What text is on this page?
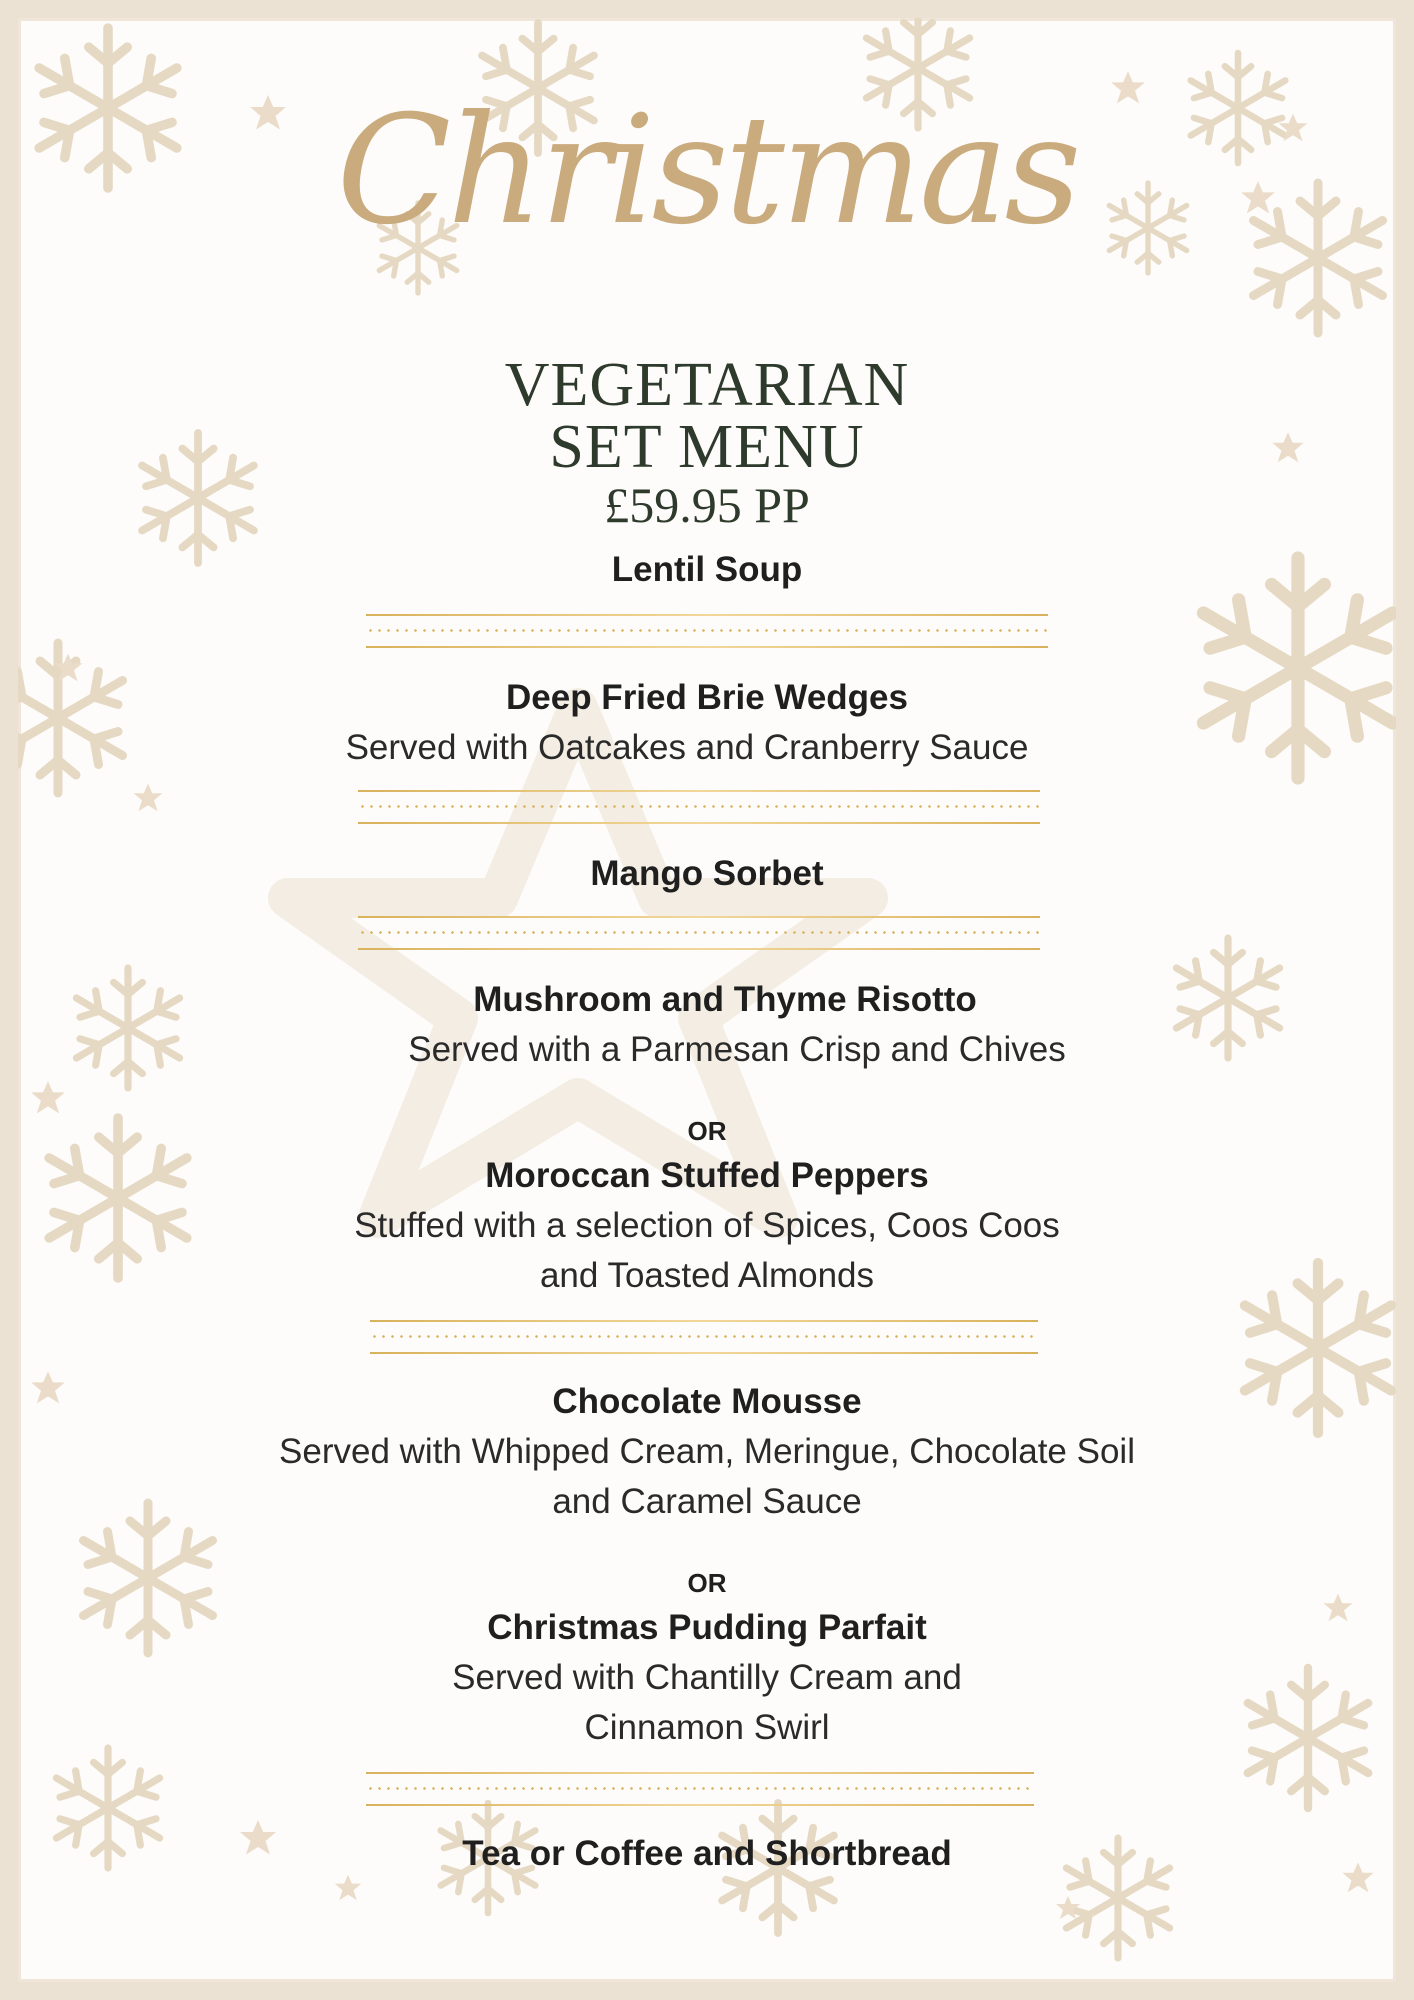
Christmas
VEGETARIAN
SET MENU
£59.95 PP
Lentil Soup
Deep Fried Brie Wedges
Served with Oatcakes and Cranberry Sauce
Mango Sorbet
Mushroom and Thyme Risotto
Served with a Parmesan Crisp and Chives
OR
Moroccan Stuffed Peppers
Stuffed with a selection of Spices, Coos Coos
and Toasted Almonds
Chocolate Mousse
Served with Whipped Cream, Meringue, Chocolate Soil
and Caramel Sauce
OR
Christmas Pudding Parfait
Served with Chantilly Cream and
Cinnamon Swirl
Tea or Coffee and Shortbread
